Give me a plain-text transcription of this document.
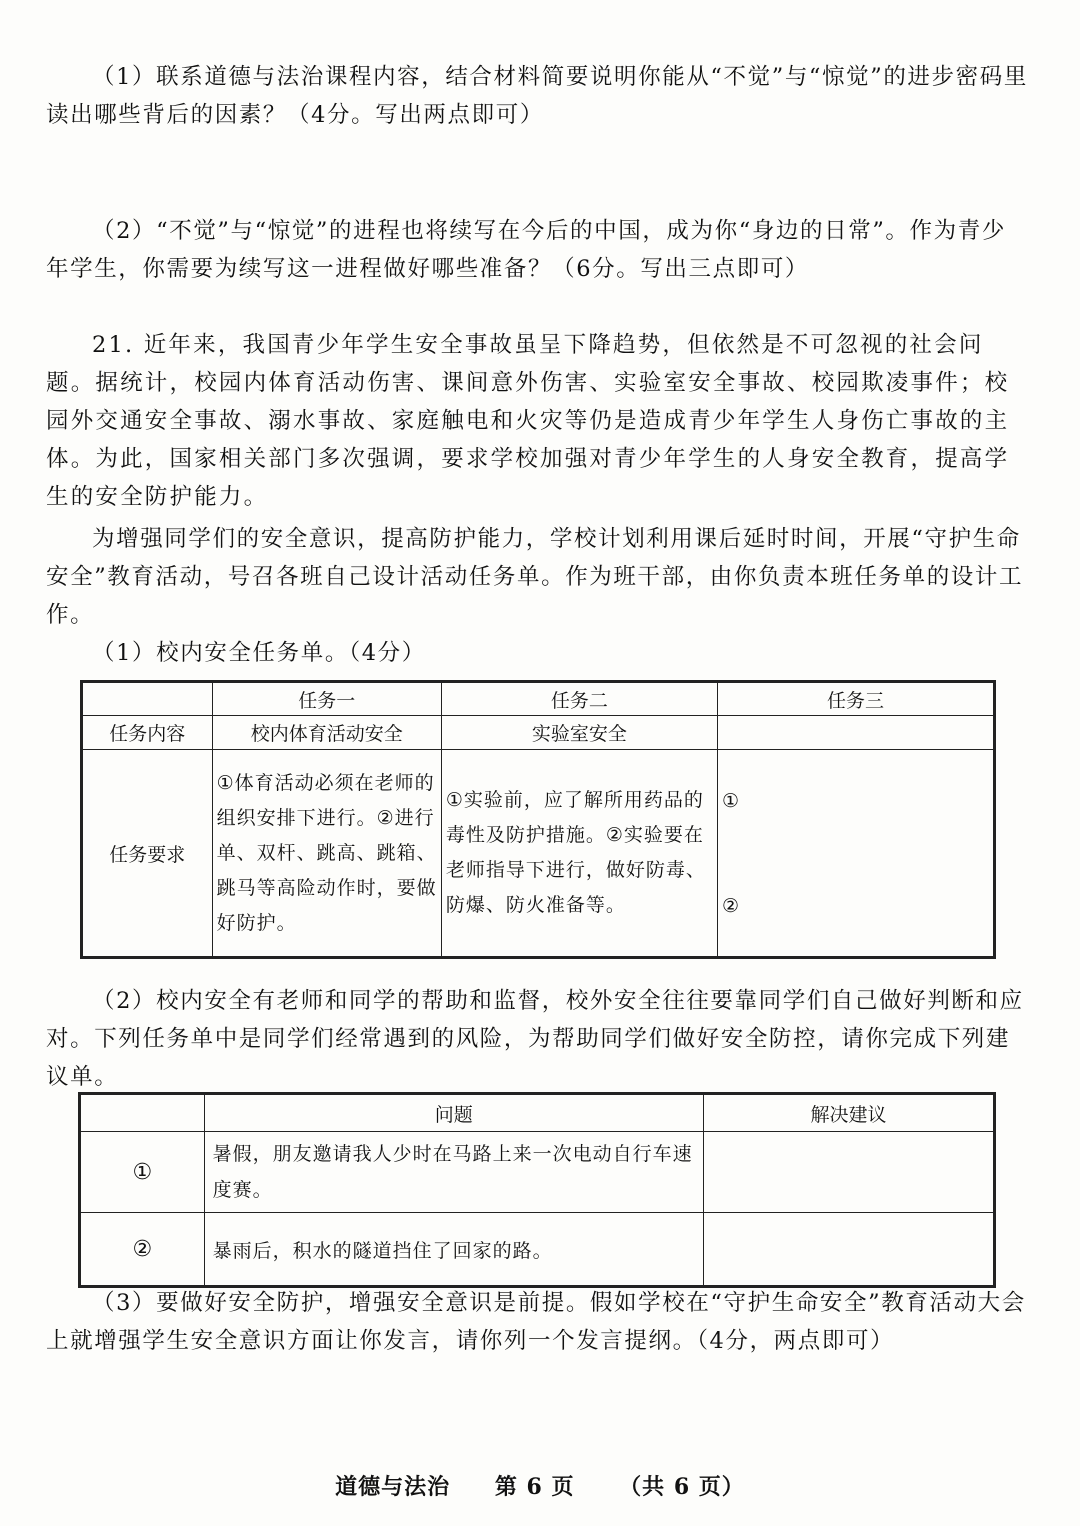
（1）联系道德与法治课程内容，结合材料简要说明你能从“不觉”与“惊觉”的进步密码里读出哪些背后的因素？（4分。写出两点即可）

（2）“不觉”与“惊觉”的进程也将续写在今后的中国，成为你“身边的日常”。作为青少年学生，你需要为续写这一进程做好哪些准备？（6分。写出三点即可）

21. 近年来，我国青少年学生安全事故虽呈下降趋势，但依然是不可忽视的社会问题。据统计，校园内体育活动伤害、课间意外伤害、实验室安全事故、校园欺凌事件；校园外交通安全事故、溺水事故、家庭触电和火灾等仍是造成青少年学生人身伤亡事故的主体。为此，国家相关部门多次强调，要求学校加强对青少年学生的人身安全教育，提高学生的安全防护能力。

为增强同学们的安全意识，提高防护能力，学校计划利用课后延时时间，开展“守护生命安全”教育活动，号召各班自己设计活动任务单。作为班干部，由你负责本班任务单的设计工作。

（1）校内安全任务单。（4分）

	任务一	任务二	任务三
任务内容	校内体育活动安全	实验室安全	
任务要求	①体育活动必须在老师的组织安排下进行。②进行单、双杆、跳高、跳箱、跳马等高险动作时，要做好防护。	①实验前，应了解所用药品的毒性及防护措施。②实验要在老师指导下进行，做好防毒、防爆、防火准备等。	①
②

（2）校内安全有老师和同学的帮助和监督，校外安全往往要靠同学们自己做好判断和应对。下列任务单中是同学们经常遇到的风险，为帮助同学们做好安全防控，请你完成下列建议单。

	问题	解决建议
①	暑假，朋友邀请我人少时在马路上来一次电动自行车速度赛。	
②	暴雨后，积水的隧道挡住了回家的路。	

（3）要做好安全防护，增强安全意识是前提。假如学校在“守护生命安全”教育活动大会上就增强学生安全意识方面让你发言，请你列一个发言提纲。（4分，两点即可）

道德与法治 第 6 页 （共 6 页）
